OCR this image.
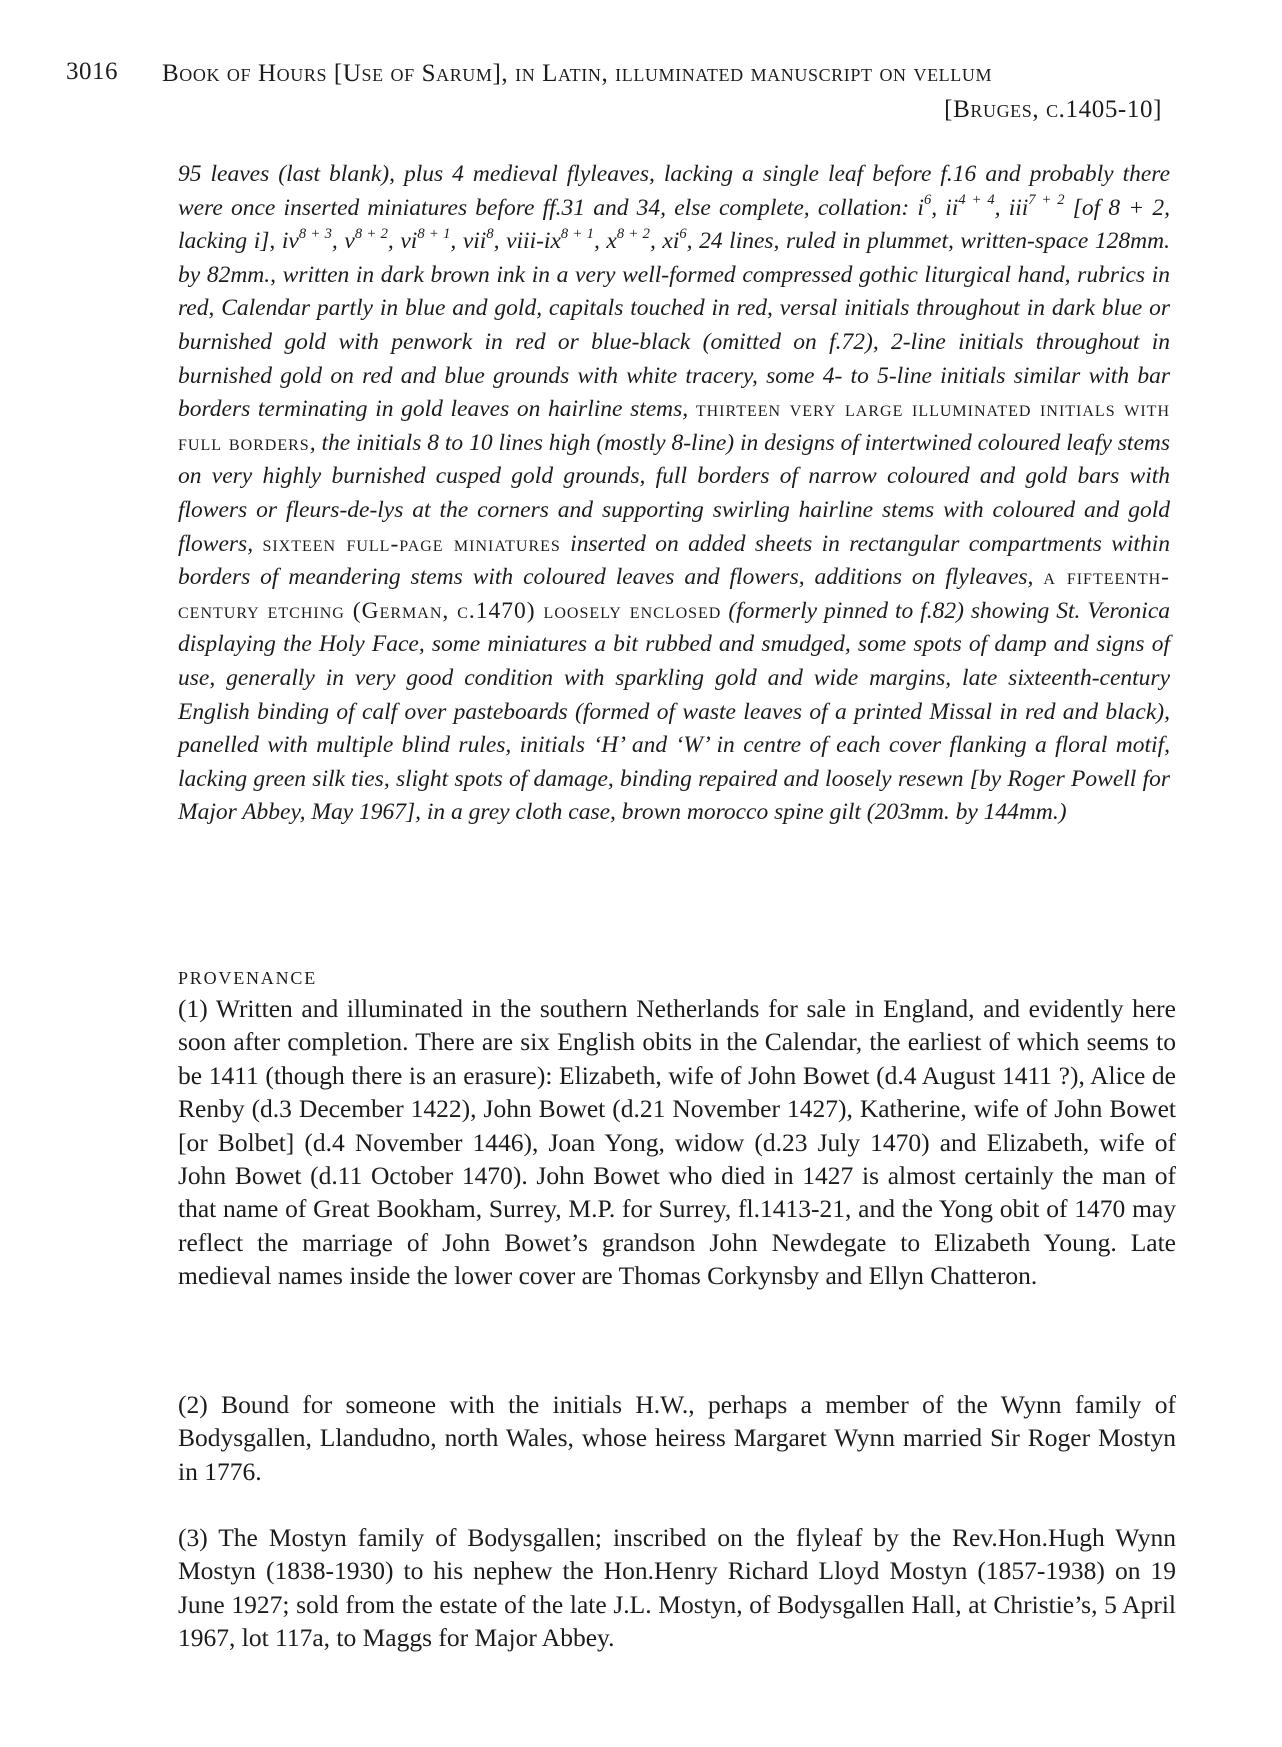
3016 Book of Hours [Use of Sarum], in Latin, illuminated manuscript on vellum
[Bruges, c.1405-10]

95 leaves (last blank), plus 4 medieval flyleaves, lacking a single leaf before f.16 and probably there were once inserted miniatures before ff.31 and 34, else complete, collation: $i^6$, $ii^{4 + 4}$, iii$^{7 + 2}$ [of 8 + 2, lacking i], $iv^{8 + 3}$, $v^{8 + 2}$, $vi^{8 + 1}$, vii$^8$, viii-$ix^{8 + 1}$, $x^{8 + 2}$, $xi^6$, 24 lines, ruled in plummet, written-space 128mm. by 82mm., written in dark brown ink in a very well-formed compressed gothic liturgical hand, rubrics in red, Calendar partly in blue and gold, capitals touched in red, versal initials throughout in dark blue or burnished gold with penwork in red or blue-black (omitted on f.72), 2-line initials throughout in burnished gold on red and blue grounds with white tracery, some 4- to 5-line initials similar with bar borders terminating in gold leaves on hairline stems, thirteen very large illuminated initials with full borders, the initials 8 to 10 lines high (mostly 8-line) in designs of intertwined coloured leafy stems on very highly burnished cusped gold grounds, full borders of narrow coloured and gold bars with flowers or fleurs-de-lys at the corners and supporting swirling hairline stems with coloured and gold flowers, sixteen full-page miniatures inserted on added sheets in rectangular compartments within borders of meandering stems with coloured leaves and flowers, additions on flyleaves, a fifteenth-century etching (German, c.1470) loosely enclosed (formerly pinned to f.82) showing St. Veronica displaying the Holy Face, some miniatures a bit rubbed and smudged, some spots of damp and signs of use, generally in very good condition with sparkling gold and wide margins, late sixteenth-century English binding of calf over pasteboards (formed of waste leaves of a printed Missal in red and black), panelled with multiple blind rules, initials ‘H’ and ‘W’ in centre of each cover flanking a floral motif, lacking green silk ties, slight spots of damage, binding repaired and loosely resewn [by Roger Powell for Major Abbey, May 1967], in a grey cloth case, brown morocco spine gilt (203mm. by 144mm.)

PROVENANCE

(1) Written and illuminated in the southern Netherlands for sale in England, and evidently here soon after completion. There are six English obits in the Calendar, the earliest of which seems to be 1411 (though there is an erasure): Elizabeth, wife of John Bowet (d.4 August 1411 ?), Alice de Renby (d.3 December 1422), John Bowet (d.21 November 1427), Katherine, wife of John Bowet [or Bolbet] (d.4 November 1446), Joan Yong, widow (d.23 July 1470) and Elizabeth, wife of John Bowet (d.11 October 1470). John Bowet who died in 1427 is almost certainly the man of that name of Great Bookham, Surrey, M.P. for Surrey, fl.1413-21, and the Yong obit of 1470 may reflect the marriage of John Bowet’s grandson John Newdegate to Elizabeth Young. Late medieval names inside the lower cover are Thomas Corkynsby and Ellyn Chatteron.

(2) Bound for someone with the initials H.W., perhaps a member of the Wynn family of Bodysgallen, Llandudno, north Wales, whose heiress Margaret Wynn married Sir Roger Mostyn in 1776.

(3) The Mostyn family of Bodysgallen; inscribed on the flyleaf by the Rev.Hon.Hugh Wynn Mostyn (1838-1930) to his nephew the Hon.Henry Richard Lloyd Mostyn (1857-1938) on 19 June 1927; sold from the estate of the late J.L. Mostyn, of Bodysgallen Hall, at Christie’s, 5 April 1967, lot 117a, to Maggs for Major Abbey.
